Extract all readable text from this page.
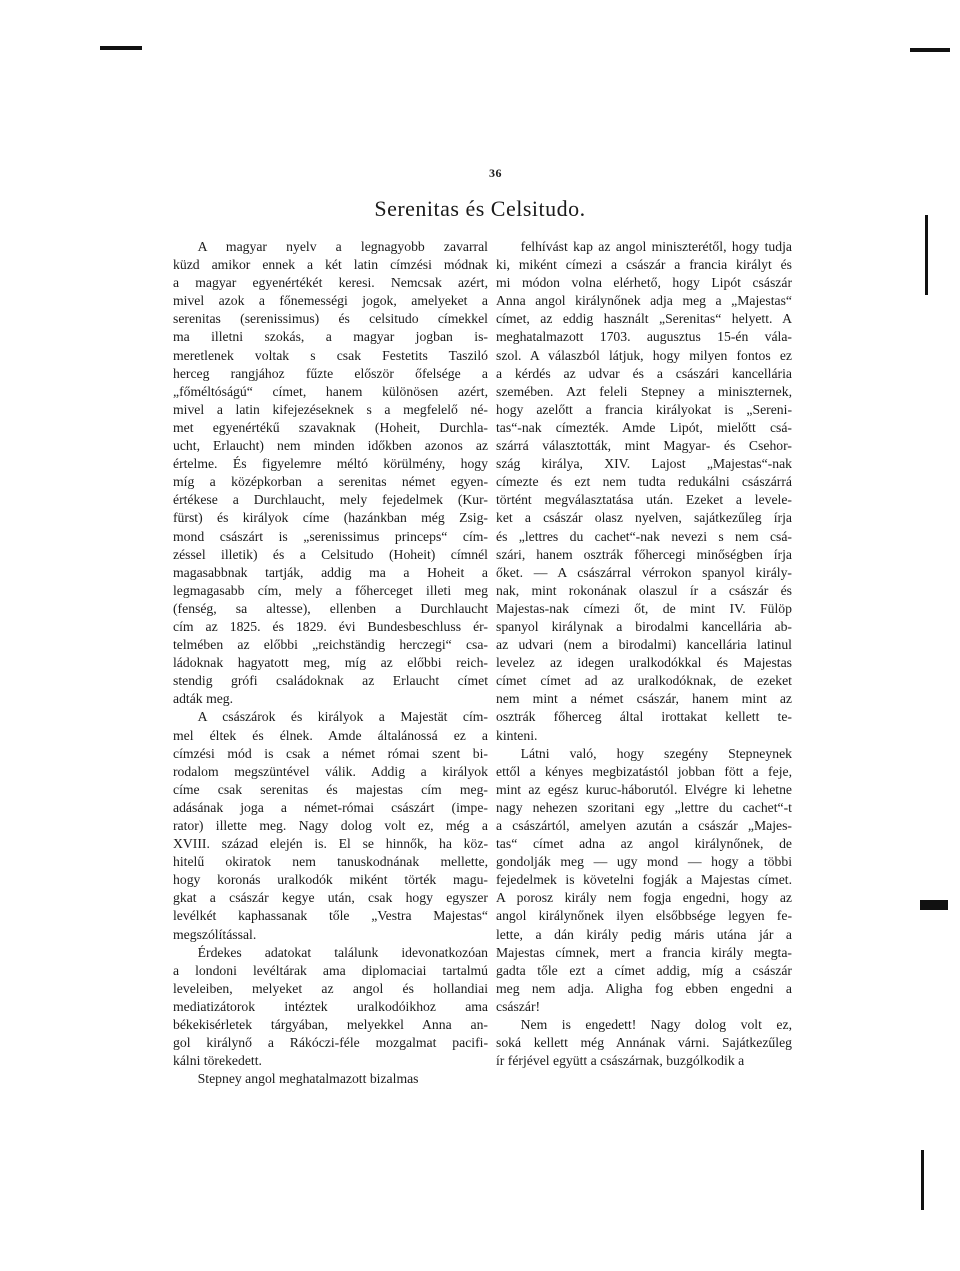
36
Serenitas és Celsitudo.

A magyar nyelv a legnagyobb zavarral
küzd amikor ennek a két latin címzési módnak
a magyar egyenértékét keresi. Nemcsak azért,
mivel azok a főnemességi jogok, amelyeket a
serenitas (serenissimus) és celsitudo címekkel
ma illetni szokás, a magyar jogban is-
meretlenek voltak s csak Festetits Tasziló
herceg rangjához fűzte először őfelsége a
„főméltóságú“ címet, hanem különösen azért,
mivel a latin kifejezéseknek s a megfelelő né-
met egyenértékű szavaknak (Hoheit, Durchla-
ucht, Erlaucht) nem minden időkben azonos az
értelme. És figyelemre méltó körülmény, hogy
míg a középkorban a serenitas német egyen-
értékese a Durchlaucht, mely fejedelmek (Kur-
fürst) és királyok címe (hazánkban még Zsig-
mond császárt is „serenissimus princeps“ cím-
zéssel illetik) és a Celsitudo (Hoheit) címnél
magasabbnak tartják, addig ma a Hoheit a
legmagasabb cím, mely a főherceget illeti meg
(fenség, sa altesse), ellenben a Durchlaucht
cím az 1825. és 1829. évi Bundesbeschluss ér-
telmében az előbbi „reichständig herczegi“ csa-
ládoknak hagyatott meg, míg az előbbi reich-
stendig grófi családoknak az Erlaucht címet
adták meg.

A császárok és királyok a Majestät cím-
mel éltek és élnek. Amde általánossá ez a
címzési mód is csak a német római szent bi-
rodalom megszüntével válik. Addig a királyok
címe csak serenitas és majestas cím meg-
adásának joga a német-római császárt (impe-
rator) illette meg. Nagy dolog volt ez, még a
XVIII. század elején is. El se hinnők, ha köz-
hitelű okiratok nem tanuskodnának mellette,
hogy koronás uralkodók miként törték magu-
gkat a császár kegye után, csak hogy egyszer
levélkét kaphassanak tőle „Vestra Majestas“
megszólítással.

Érdekes adatokat találunk idevonatkozóan
a londoni levéltárak ama diplomaciai tartalmú
leveleiben, melyeket az angol és hollandiai
mediatizátorok intéztek uralkodóikhoz ama
békekisérletek tárgyában, melyekkel Anna an-
gol királynő a Rákóczi-féle mozgalmat pacifi-
kálni törekedett.

Stepney angol meghatalmazott bizalmas

felhívást kap az angol miniszterétől, hogy tudja
ki, miként címezi a császár a francia királyt és
mi módon volna elérhető, hogy Lipót császár
Anna angol királynőnek adja meg a „Majestas“
címet, az eddig használt „Serenitas“ helyett. A
meghatalmazott 1703. augusztus 15-én vála-
szol. A válaszból látjuk, hogy milyen fontos ez
a kérdés az udvar és a császári kancellária
szemében. Azt feleli Stepney a miniszternek,
hogy azelőtt a francia királyokat is „Sereni-
tas“-nak címezték. Amde Lipót, mielőtt csá-
szárrá választották, mint Magyar- és Csehor-
szág királya, XIV. Lajost „Majestas“-nak
címezte és ezt nem tudta redukálni császárrá
történt megválasztatása után. Ezeket a levele-
ket a császár olasz nyelven, sajátkezűleg írja
és „lettres du cachet“-nak nevezi s nem csá-
szári, hanem osztrák főhercegi minőségben írja
őket. — A császárral vérrokon spanyol király-
nak, mint rokonának olaszul ír a császár és
Majestas-nak címezi őt, de mint IV. Fülöp
spanyol királynak a birodalmi kancellária ab-
az udvari (nem a birodalmi) kancellária latinul
levelez az idegen uralkodókkal és Majestas
címet címet ad az uralkodóknak, de ezeket
nem mint a német császár, hanem mint az
osztrák főherceg által irottakat kellett te-
kinteni.

Látni való, hogy szegény Stepneynek
ettől a kényes megbizatástól jobban fött a feje,
mint az egész kuruc-háborutól. Elvégre ki lehetne
nagy nehezen szoritani egy „lettre du cachet“-t
a császártól, amelyen azután a császár „Majes-
tas“ címet adna az angol királynőnek, de
gondolják meg — ugy mond — hogy a többi
fejedelmek is követelni fogják a Majestas címet.
A porosz király nem fogja engedni, hogy az
angol királynőnek ilyen elsőbbsége legyen fe-
lette, a dán király pedig máris utána jár a
Majestas címnek, mert a francia király megta-
gadta tőle ezt a címet addig, míg a császár
meg nem adja. Aligha fog ebben engedni a
császár!

Nem is engedett! Nagy dolog volt ez,
soká kellett még Annának várni. Sajátkezűleg
ír férjével együtt a császárnak, buzgólkodik a
